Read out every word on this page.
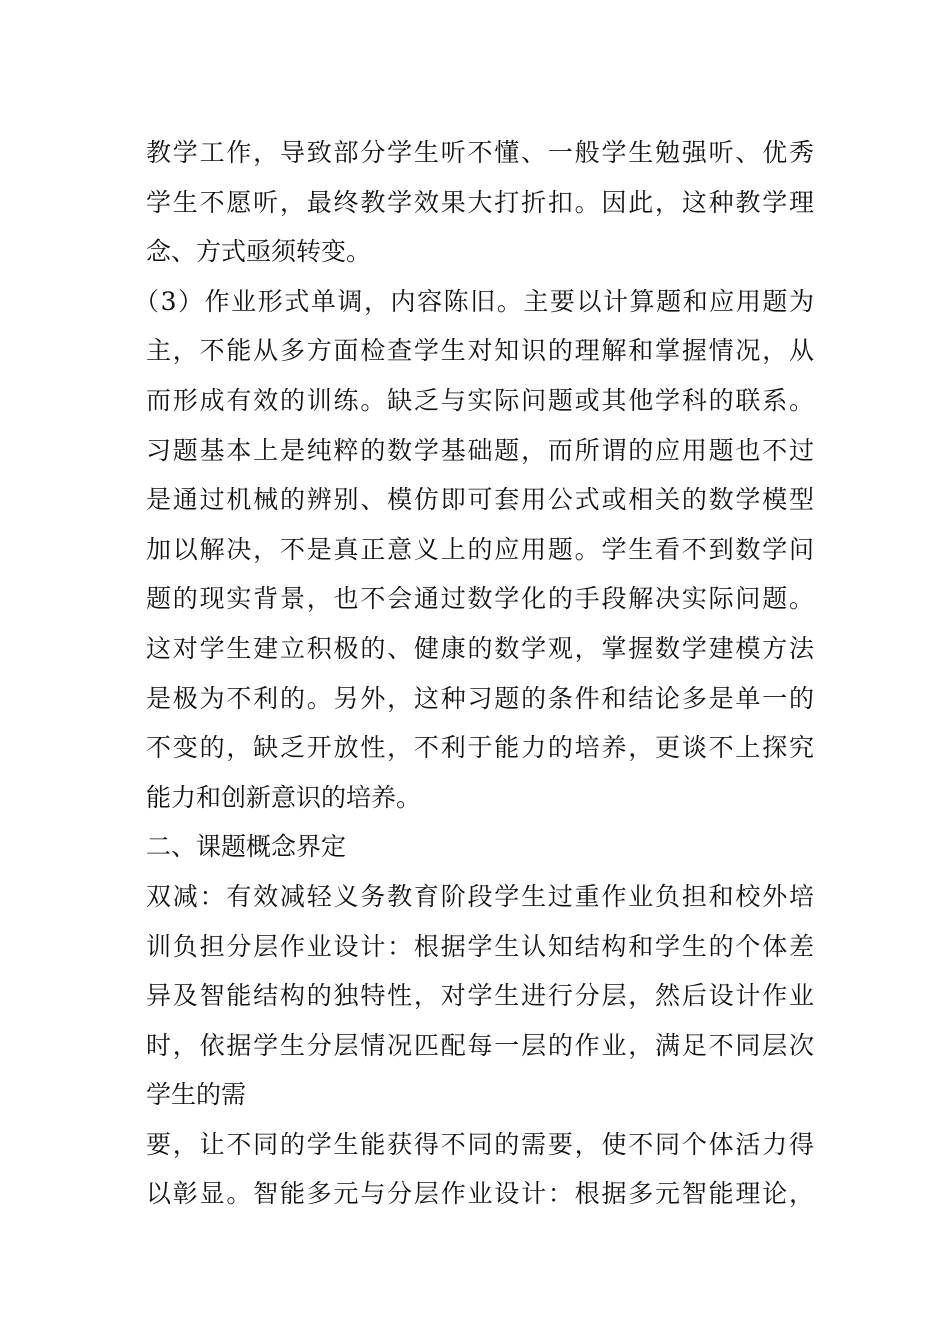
教学工作，导致部分学生听不懂、一般学生勉强听、优秀
学生不愿听，最终教学效果大打折扣。因此，这种教学理
念、方式亟须转变。
（3）作业形式单调，内容陈旧。主要以计算题和应用题为
主，不能从多方面检查学生对知识的理解和掌握情况，从
而形成有效的训练。缺乏与实际问题或其他学科的联系。
习题基本上是纯粹的数学基础题，而所谓的应用题也不过
是通过机械的辨别、模仿即可套用公式或相关的数学模型
加以解决，不是真正意义上的应用题。学生看不到数学问
题的现实背景，也不会通过数学化的手段解决实际问题。
这对学生建立积极的、健康的数学观，掌握数学建模方法
是极为不利的。另外，这种习题的条件和结论多是单一的
不变的，缺乏开放性，不利于能力的培养，更谈不上探究
能力和创新意识的培养。
二、课题概念界定
双减：有效减轻义务教育阶段学生过重作业负担和校外培
训负担分层作业设计：根据学生认知结构和学生的个体差
异及智能结构的独特性，对学生进行分层，然后设计作业
时，依据学生分层情况匹配每一层的作业，满足不同层次
学生的需
要，让不同的学生能获得不同的需要，使不同个体活力得
以彰显。智能多元与分层作业设计：根据多元智能理论，
